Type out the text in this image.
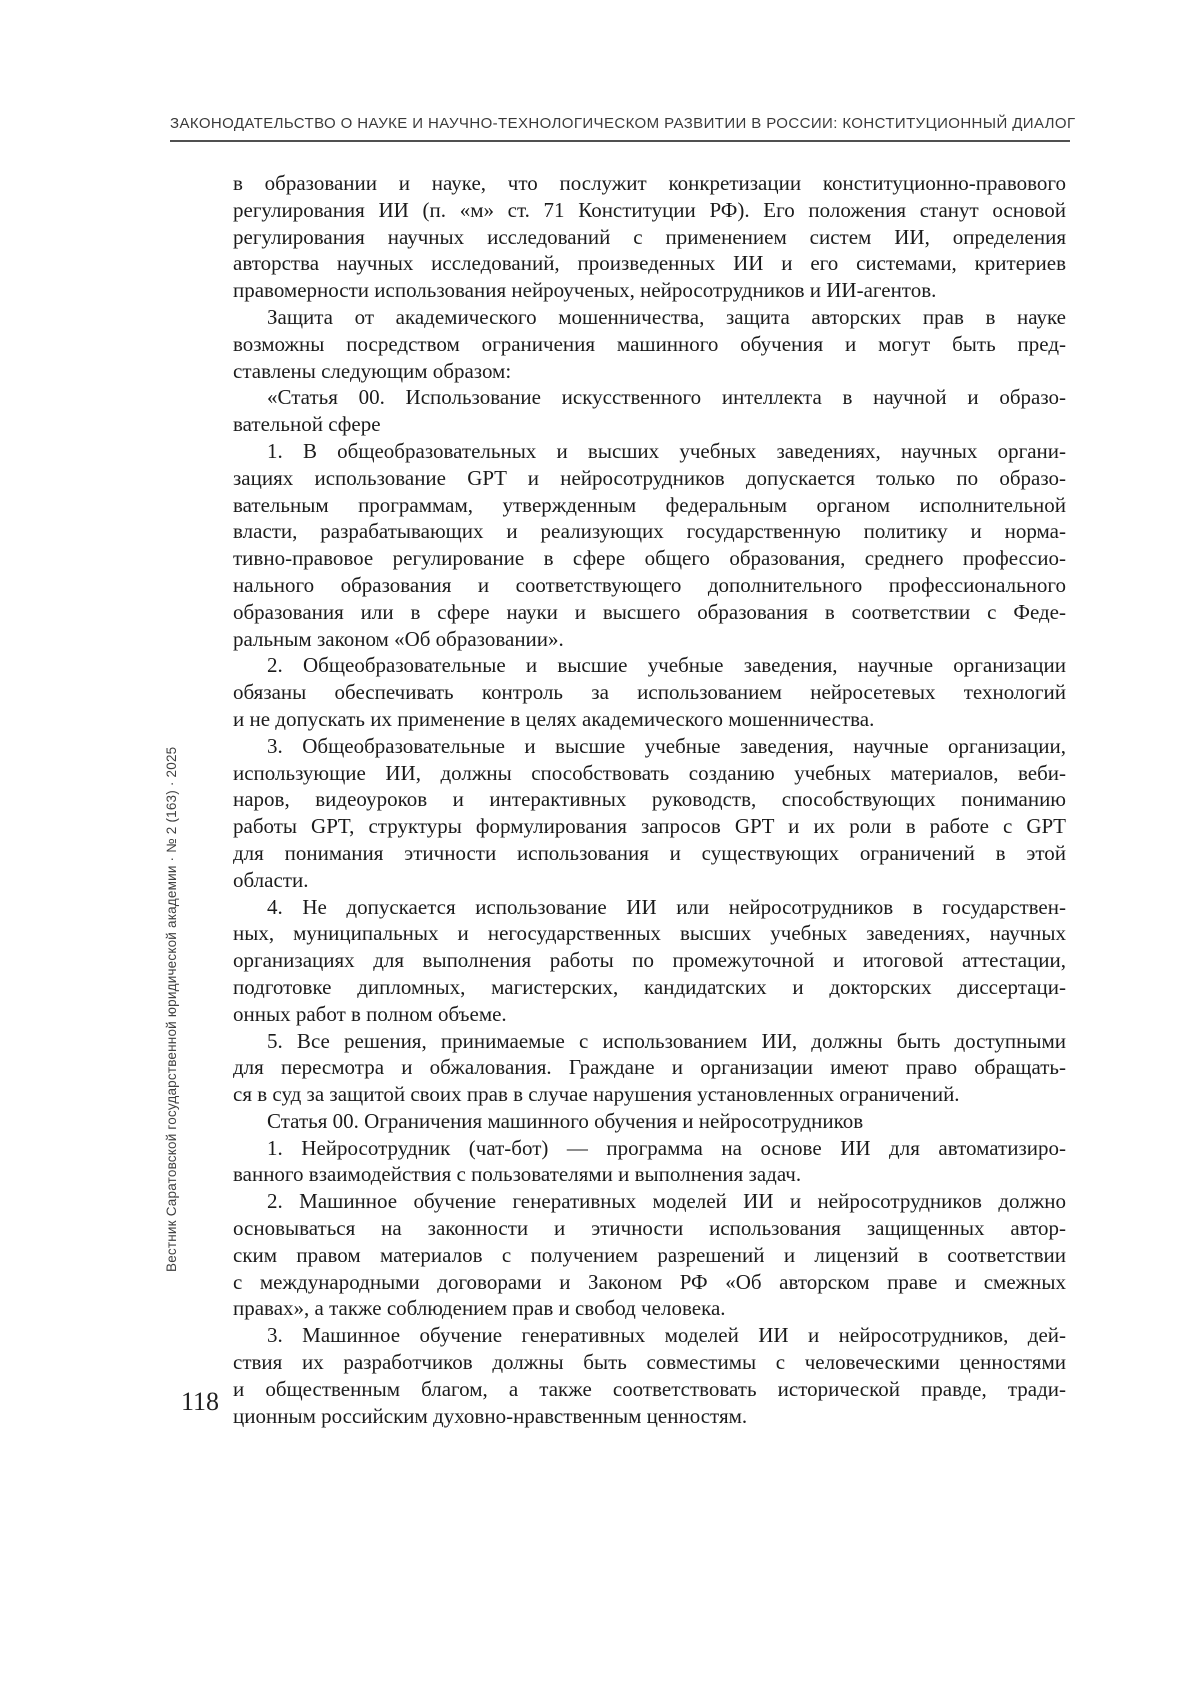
ЗАКОНОДАТЕЛЬСТВО О НАУКЕ И НАУЧНО-ТЕХНОЛОГИЧЕСКОМ РАЗВИТИИ В РОССИИ: КОНСТИТУЦИОННЫЙ ДИАЛОГ
в образовании и науке, что послужит конкретизации конституционно-правового
регулирования ИИ (п. «м» ст. 71 Конституции РФ). Его положения станут основой
регулирования научных исследований с применением систем ИИ, определения
авторства научных исследований, произведенных ИИ и его системами, критериев
правомерности использования нейроученых, нейросотрудников и ИИ-агентов.
Защита от академического мошенничества, защита авторских прав в науке
возможны посредством ограничения машинного обучения и могут быть пред-
ставлены следующим образом:
«Статья 00. Использование искусственного интеллекта в научной и образо-
вательной сфере
1. В общеобразовательных и высших учебных заведениях, научных органи-
зациях использование GPT и нейросотрудников допускается только по образо-
вательным программам, утвержденным федеральным органом исполнительной
власти, разрабатывающих и реализующих государственную политику и норма-
тивно-правовое регулирование в сфере общего образования, среднего профессио-
нального образования и соответствующего дополнительного профессионального
образования или в сфере науки и высшего образования в соответствии с Феде-
ральным законом «Об образовании».
2. Общеобразовательные и высшие учебные заведения, научные организации
обязаны обеспечивать контроль за использованием нейросетевых технологий
и не допускать их применение в целях академического мошенничества.
3. Общеобразовательные и высшие учебные заведения, научные организации,
использующие ИИ, должны способствовать созданию учебных материалов, веби-
наров, видеоуроков и интерактивных руководств, способствующих пониманию
работы GPT, структуры формулирования запросов GPT и их роли в работе с GPT
для понимания этичности использования и существующих ограничений в этой
области.
4. Не допускается использование ИИ или нейросотрудников в государствен-
ных, муниципальных и негосударственных высших учебных заведениях, научных
организациях для выполнения работы по промежуточной и итоговой аттестации,
подготовке дипломных, магистерских, кандидатских и докторских диссертаци-
онных работ в полном объеме.
5. Все решения, принимаемые с использованием ИИ, должны быть доступными
для пересмотра и обжалования. Граждане и организации имеют право обращать-
ся в суд за защитой своих прав в случае нарушения установленных ограничений.
Статья 00. Ограничения машинного обучения и нейросотрудников
1. Нейросотрудник (чат-бот) — программа на основе ИИ для автоматизиро-
ванного взаимодействия с пользователями и выполнения задач.
2. Машинное обучение генеративных моделей ИИ и нейросотрудников должно
основываться на законности и этичности использования защищенных автор-
ским правом материалов с получением разрешений и лицензий в соответствии
с международными договорами и Законом РФ «Об авторском праве и смежных
правах», а также соблюдением прав и свобод человека.
3. Машинное обучение генеративных моделей ИИ и нейросотрудников, дей-
ствия их разработчиков должны быть совместимы с человеческими ценностями
и общественным благом, а также соответствовать исторической правде, тради-
ционным российским духовно-нравственным ценностям.
Вестник Саратовской государственной юридической академии · № 2 (163) · 2025
118
